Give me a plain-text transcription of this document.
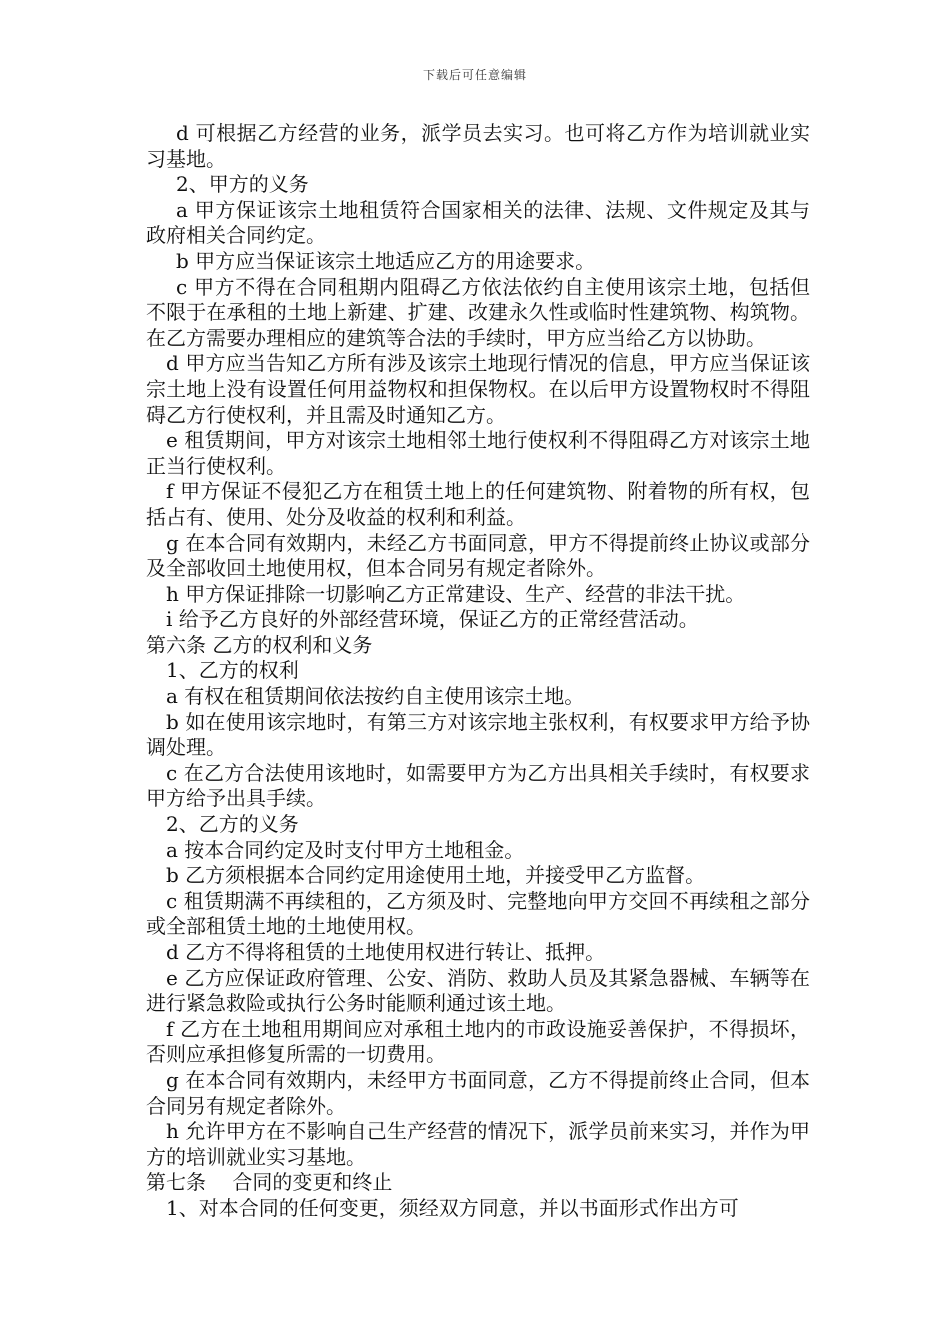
下载后可任意编辑

d 可根据乙方经营的业务，派学员去实习。也可将乙方作为培训就业实习基地。

2、甲方的义务

a 甲方保证该宗土地租赁符合国家相关的法律、法规、文件规定及其与政府相关合同约定。

b 甲方应当保证该宗土地适应乙方的用途要求。

c 甲方不得在合同租期内阻碍乙方依法依约自主使用该宗土地，包括但不限于在承租的土地上新建、扩建、改建永久性或临时性建筑物、构筑物。在乙方需要办理相应的建筑等合法的手续时，甲方应当给乙方以协助。

d 甲方应当告知乙方所有涉及该宗土地现行情况的信息，甲方应当保证该宗土地上没有设置任何用益物权和担保物权。在以后甲方设置物权时不得阻碍乙方行使权利，并且需及时通知乙方。

e 租赁期间，甲方对该宗土地相邻土地行使权利不得阻碍乙方对该宗土地正当行使权利。

f 甲方保证不侵犯乙方在租赁土地上的任何建筑物、附着物的所有权，包括占有、使用、处分及收益的权利和利益。

g 在本合同有效期内，未经乙方书面同意，甲方不得提前终止协议或部分及全部收回土地使用权，但本合同另有规定者除外。

h 甲方保证排除一切影响乙方正常建设、生产、经营的非法干扰。

i 给予乙方良好的外部经营环境，保证乙方的正常经营活动。

第六条 乙方的权利和义务

1、乙方的权利

a 有权在租赁期间依法按约自主使用该宗土地。

b 如在使用该宗地时，有第三方对该宗地主张权利，有权要求甲方给予协调处理。

c 在乙方合法使用该地时，如需要甲方为乙方出具相关手续时，有权要求甲方给予出具手续。

2、乙方的义务

a 按本合同约定及时支付甲方土地租金。

b 乙方须根据本合同约定用途使用土地，并接受甲乙方监督。

c 租赁期满不再续租的，乙方须及时、完整地向甲方交回不再续租之部分或全部租赁土地的土地使用权。

d 乙方不得将租赁的土地使用权进行转让、抵押。

e 乙方应保证政府管理、公安、消防、救助人员及其紧急器械、车辆等在进行紧急救险或执行公务时能顺利通过该土地。

f 乙方在土地租用期间应对承租土地内的市政设施妥善保护，不得损坏，否则应承担修复所需的一切费用。

g 在本合同有效期内，未经甲方书面同意，乙方不得提前终止合同，但本合同另有规定者除外。

h 允许甲方在不影响自己生产经营的情况下，派学员前来实习，并作为甲方的培训就业实习基地。

第七条　 合同的变更和终止

1、对本合同的任何变更，须经双方同意，并以书面形式作出方可
